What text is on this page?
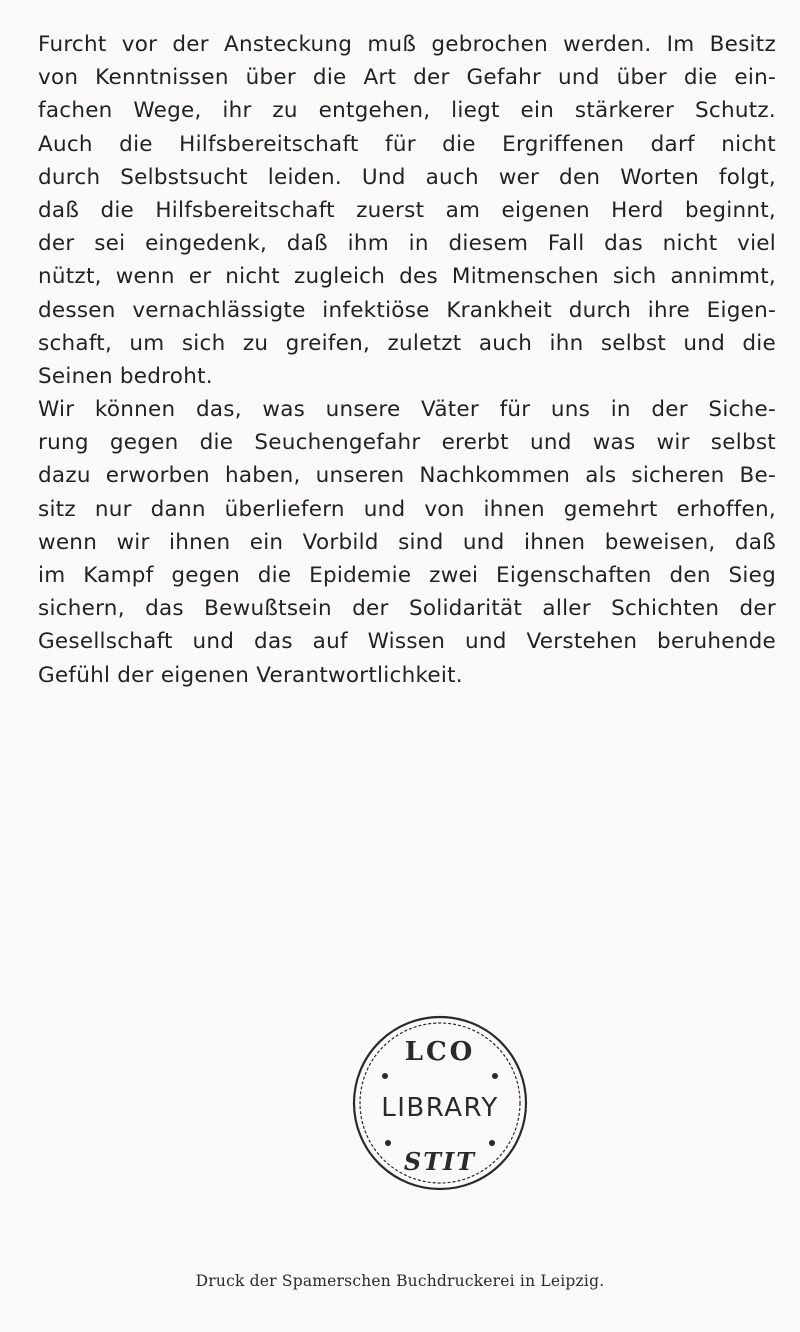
Furcht vor der Ansteckung muß gebrochen werden. Im Besitz
von Kenntnissen über die Art der Gefahr und über die ein-
fachen Wege, ihr zu entgehen, liegt ein stärkerer Schutz.
Auch die Hilfsbereitschaft für die Ergriffenen darf nicht
durch Selbstsucht leiden. Und auch wer den Worten folgt,
daß die Hilfsbereitschaft zuerst am eigenen Herd beginnt,
der sei eingedenk, daß ihm in diesem Fall das nicht viel
nützt, wenn er nicht zugleich des Mitmenschen sich annimmt,
dessen vernachlässigte infektiöse Krankheit durch ihre Eigen-
schaft, um sich zu greifen, zuletzt auch ihn selbst und die
Seinen bedroht.
Wir können das, was unsere Väter für uns in der Siche-
rung gegen die Seuchengefahr ererbt und was wir selbst
dazu erworben haben, unseren Nachkommen als sicheren Be-
sitz nur dann überliefern und von ihnen gemehrt erhoffen,
wenn wir ihnen ein Vorbild sind und ihnen beweisen, daß
im Kampf gegen die Epidemie zwei Eigenschaften den Sieg
sichern, das Bewußtsein der Solidarität aller Schichten der
Gesellschaft und das auf Wissen und Verstehen beruhende
Gefühl der eigenen Verantwortlichkeit.
LCO
LIBRARY
STIT
Druck der Spamerschen Buchdruckerei in Leipzig.
